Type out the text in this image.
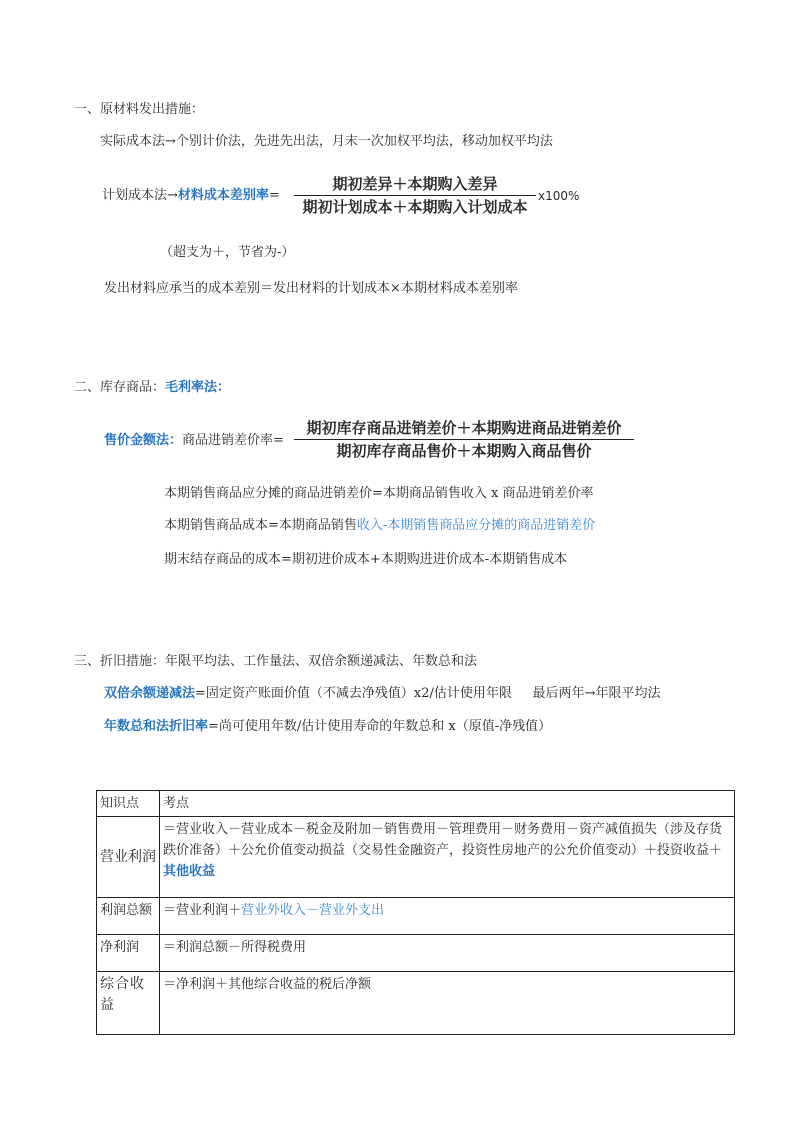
一、原材料发出措施：
实际成本法→个别计价法，先进先出法，月末一次加权平均法，移动加权平均法
计划成本法→材料成本差别率=
期初差异＋本期购入差异
期初计划成本＋本期购入计划成本
x100%
（超支为＋，节省为-）
发出材料应承当的成本差别＝发出材料的计划成本×本期材料成本差别率
二、库存商品：毛利率法：
售价金额法：商品进销差价率=
期初库存商品进销差价＋本期购进商品进销差价
期初库存商品售价＋本期购入商品售价
本期销售商品应分摊的商品进销差价=本期商品销售收入 x 商品进销差价率
本期销售商品成本=本期商品销售收入-本期销售商品应分摊的商品进销差价
期末结存商品的成本=期初进价成本+本期购进进价成本-本期销售成本
三、折旧措施：年限平均法、工作量法、双倍余额递减法、年数总和法
双倍余额递减法=固定资产账面价值（不减去净残值）x2/估计使用年限     最后两年→年限平均法
年数总和法折旧率=尚可使用年数/估计使用寿命的年数总和 x（原值-净残值）
知识点	考点
营业利润	＝营业收入－营业成本－税金及附加－销售费用－管理费用－财务费用－资产减值损失（涉及存货跌价准备）＋公允价值变动损益（交易性金融资产，投资性房地产的公允价值变动）＋投资收益＋其他收益
利润总额	＝营业利润＋营业外收入－营业外支出
净利润	＝利润总额－所得税费用
综合收益	＝净利润＋其他综合收益的税后净额
